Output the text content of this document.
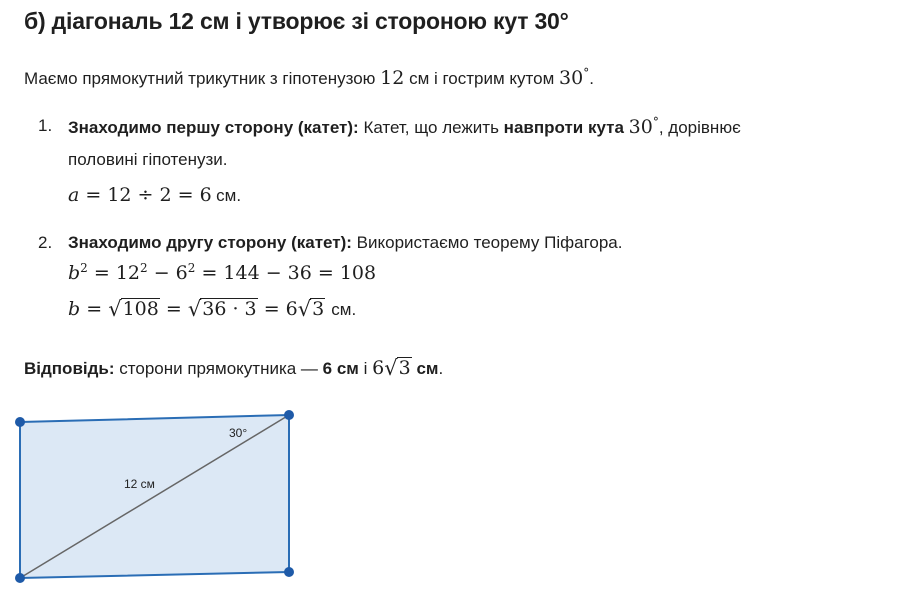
б) діагональ 12 см і утворює зі стороною кут 30°
Маємо прямокутний трикутник з гіпотенузою 12 см і гострим кутом 30°.
1. Знаходимо першу сторону (катет): Катет, що лежить навпроти кута 30°, дорівнює
половині гіпотенузи.
a = 12 ÷ 2 = 6 см.
2. Знаходимо другу сторону (катет): Використаємо теорему Піфагора.
$b^2 = 12^2 - 6^2 = 144 - 36 = 108$
b = √108 = √36 · 3 = 6√3 см.
Відповідь: сторони прямокутника — 6 см і 6√3 см.
30°
12 см
